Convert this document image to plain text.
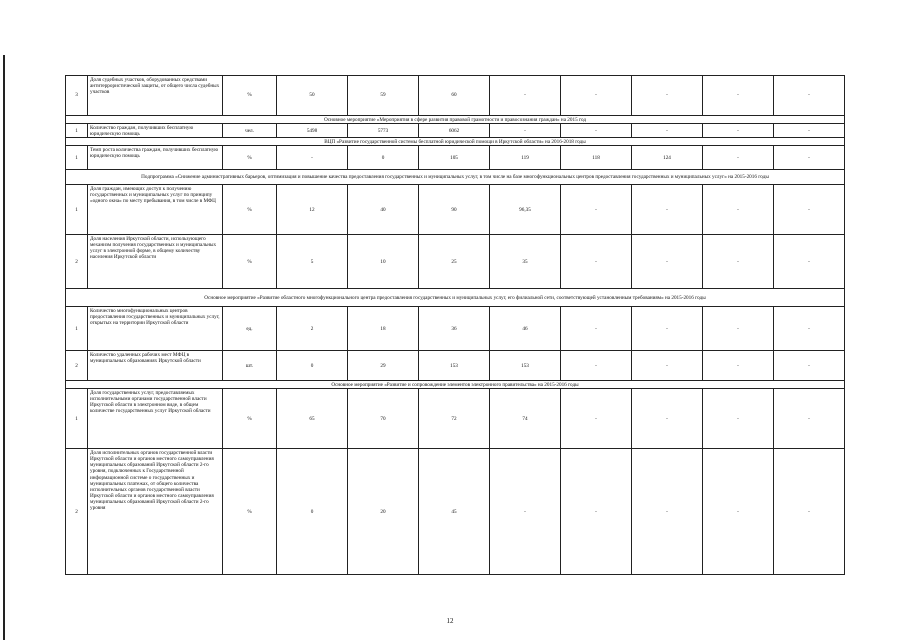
3	Доля судебных участков, оборудованных средствами антитеррористической защиты, от общего числа судебных участков	%	50	59	60	-	-	-	-	-
Основное мероприятие «Мероприятия в сфере развития правовой грамотности и правосознания граждан» на 2015 год										
1	Количество граждан, получивших бесплатную юридическую помощь	чел.	5498	5773	6062	-	-	-	-	-
ВЦП «Развитие государственной системы бесплатной юридической помощи в Иркутской области» на 2016-2018 годы										
1	Темп роста количества граждан, получивших бесплатную юридическую помощь	%	-	0	105	119	118	124	-	-
Подпрограмма «Снижение административных барьеров, оптимизация и повышение качества предоставления государственных и муниципальных услуг, в том числе на базе многофункциональных центров предоставления государственных и муниципальных услуг» на 2015-2016 годы										
1	Доля граждан, имеющих доступ к получению государственных и муниципальных услуг по принципу «одного окна» по месту пребывания, в том числе в МФЦ	%	12	40	90	96,35	-	-	-	-
2	Доля населения Иркутской области, использующего механизм получения государственных и муниципальных услуг в электронной форме, в общему количеству населения Иркутской области	%	5	10	25	35	-	-	-	-
Основное мероприятие «Развитие областного многофункционального центра предоставления государственных и муниципальных услуг, его филиальной сети, соответствующей установленным требованиям» на 2015-2016 годы										
1	Количество многофункциональных центров предоставления государственных и муниципальных услуг, открытых на территории Иркутской области	ед.	2	18	36	46	-	-	-	-
2	Количество удаленных рабочих мест МФЦ в муниципальных образованиях Иркутской области	шт.	0	29	153	153	-	-	-	-
Основное мероприятие «Развитие и сопровождение элементов электронного правительства» на 2015-2016 годы										
1	Доля государственных услуг, предоставляемых исполнительными органами государственной власти Иркутской области в электронном виде, в общем количестве государственных услуг Иркутской области	%	65	70	72	74	-	-	-	-
2	Доля исполнительных органов государственной власти Иркутской области и органов местного самоуправления муниципальных образований Иркутской области 2-го уровня, подключенных к Государственной информационной системе о государственных и муниципальных платежах, от общего количества исполнительных органов государственной власти Иркутской области и органов местного самоуправления муниципальных образований Иркутской области 2-го уровня	%	0	20	45	-	-	-	-	-
12
